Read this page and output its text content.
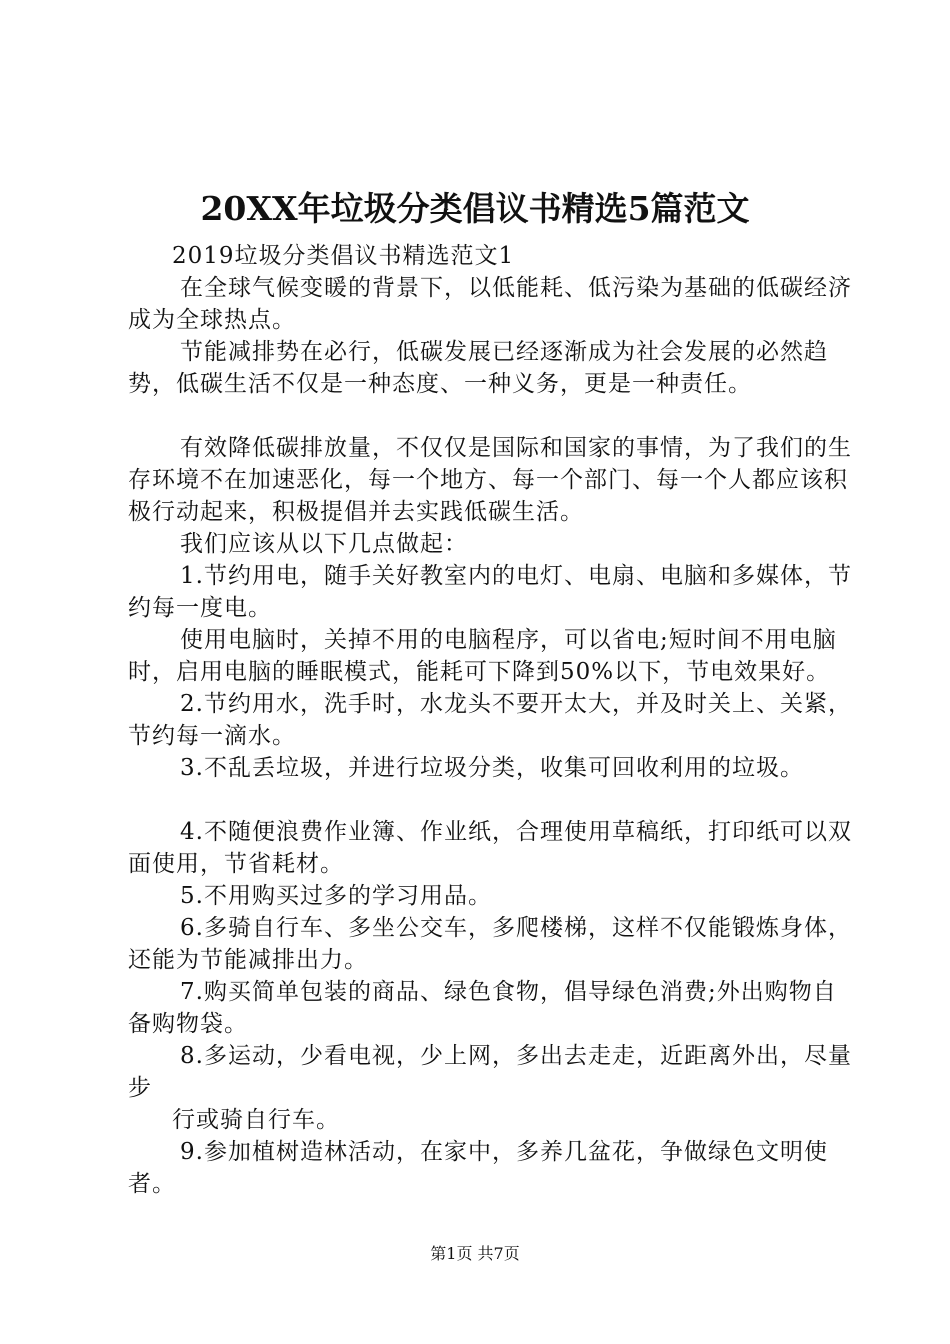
20XX年垃圾分类倡议书精选5篇范文

2019垃圾分类倡议书精选范文1

在全球气候变暖的背景下，以低能耗、低污染为基础的低碳经济成为全球热点。

节能减排势在必行，低碳发展已经逐渐成为社会发展的必然趋势，低碳生活不仅是一种态度、一种义务，更是一种责任。

有效降低碳排放量，不仅仅是国际和国家的事情，为了我们的生存环境不在加速恶化，每一个地方、每一个部门、每一个人都应该积极行动起来，积极提倡并去实践低碳生活。

我们应该从以下几点做起：

1.节约用电，随手关好教室内的电灯、电扇、电脑和多媒体，节约每一度电。

使用电脑时，关掉不用的电脑程序，可以省电;短时间不用电脑时，启用电脑的睡眠模式，能耗可下降到50%以下，节电效果好。

2.节约用水，洗手时，水龙头不要开太大，并及时关上、关紧，节约每一滴水。

3.不乱丢垃圾，并进行垃圾分类，收集可回收利用的垃圾。

4.不随便浪费作业簿、作业纸，合理使用草稿纸，打印纸可以双面使用，节省耗材。

5.不用购买过多的学习用品。

6.多骑自行车、多坐公交车，多爬楼梯，这样不仅能锻炼身体，还能为节能减排出力。

7.购买简单包装的商品、绿色食物，倡导绿色消费;外出购物自备购物袋。

8.多运动，少看电视，少上网，多出去走走，近距离外出，尽量步

行或骑自行车。

9.参加植树造林活动，在家中，多养几盆花，争做绿色文明使者。

第1页 共7页
